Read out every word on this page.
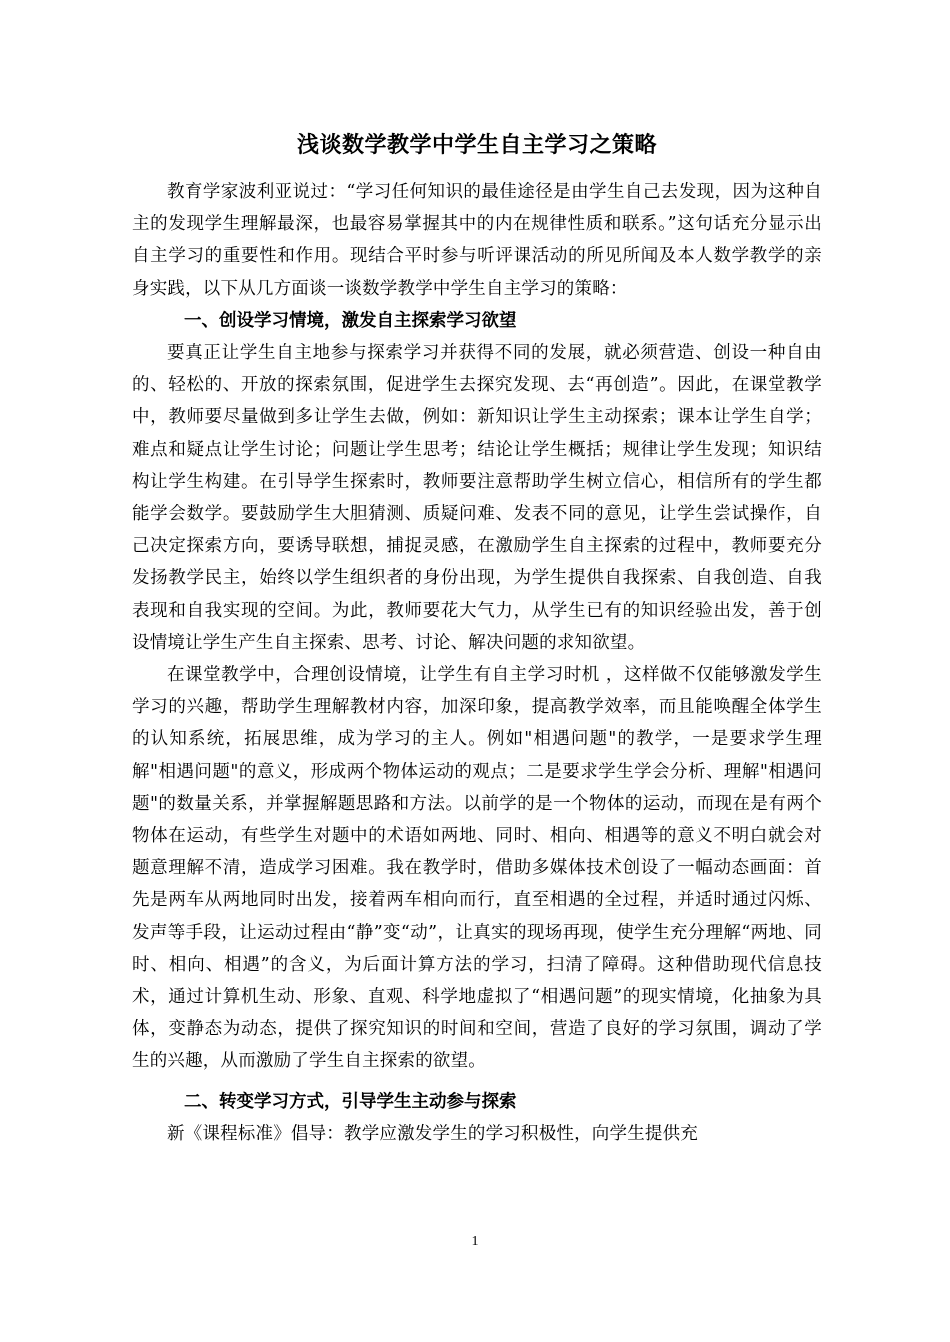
浅谈数学教学中学生自主学习之策略

教育学家波利亚说过：“学习任何知识的最佳途径是由学生自己去发现，因为这种自主的发现学生理解最深，也最容易掌握其中的内在规律性质和联系。”这句话充分显示出自主学习的重要性和作用。现结合平时参与听评课活动的所见所闻及本人数学教学的亲身实践，以下从几方面谈一谈数学教学中学生自主学习的策略：

一、创设学习情境，激发自主探索学习欲望

要真正让学生自主地参与探索学习并获得不同的发展，就必须营造、创设一种自由的、轻松的、开放的探索氛围，促进学生去探究发现、去“再创造”。因此，在课堂教学中，教师要尽量做到多让学生去做，例如：新知识让学生主动探索；课本让学生自学；难点和疑点让学生讨论；问题让学生思考；结论让学生概括；规律让学生发现；知识结构让学生构建。在引导学生探索时，教师要注意帮助学生树立信心，相信所有的学生都能学会数学。要鼓励学生大胆猜测、质疑问难、发表不同的意见，让学生尝试操作，自己决定探索方向，要诱导联想，捕捉灵感，在激励学生自主探索的过程中，教师要充分发扬教学民主，始终以学生组织者的身份出现，为学生提供自我探索、自我创造、自我表现和自我实现的空间。为此，教师要花大气力，从学生已有的知识经验出发，善于创设情境让学生产生自主探索、思考、讨论、解决问题的求知欲望。

在课堂教学中，合理创设情境，让学生有自主学习时机 ，这样做不仅能够激发学生学习的兴趣，帮助学生理解教材内容，加深印象，提高教学效率，而且能唤醒全体学生的认知系统，拓展思维，成为学习的主人。例如"相遇问题"的教学，一是要求学生理解"相遇问题"的意义，形成两个物体运动的观点；二是要求学生学会分析、理解"相遇问题"的数量关系，并掌握解题思路和方法。以前学的是一个物体的运动，而现在是有两个物体在运动，有些学生对题中的术语如两地、同时、相向、相遇等的意义不明白就会对题意理解不清，造成学习困难。我在教学时，借助多媒体技术创设了一幅动态画面：首先是两车从两地同时出发，接着两车相向而行，直至相遇的全过程，并适时通过闪烁、发声等手段，让运动过程由“静”变“动”，让真实的现场再现，使学生充分理解“两地、同时、相向、相遇”的含义，为后面计算方法的学习，扫清了障碍。这种借助现代信息技术，通过计算机生动、形象、直观、科学地虚拟了“相遇问题”的现实情境，化抽象为具体，变静态为动态，提供了探究知识的时间和空间，营造了良好的学习氛围，调动了学生的兴趣，从而激励了学生自主探索的欲望。

二、转变学习方式，引导学生主动参与探索

新《课程标准》倡导：教学应激发学生的学习积极性，向学生提供充

1
